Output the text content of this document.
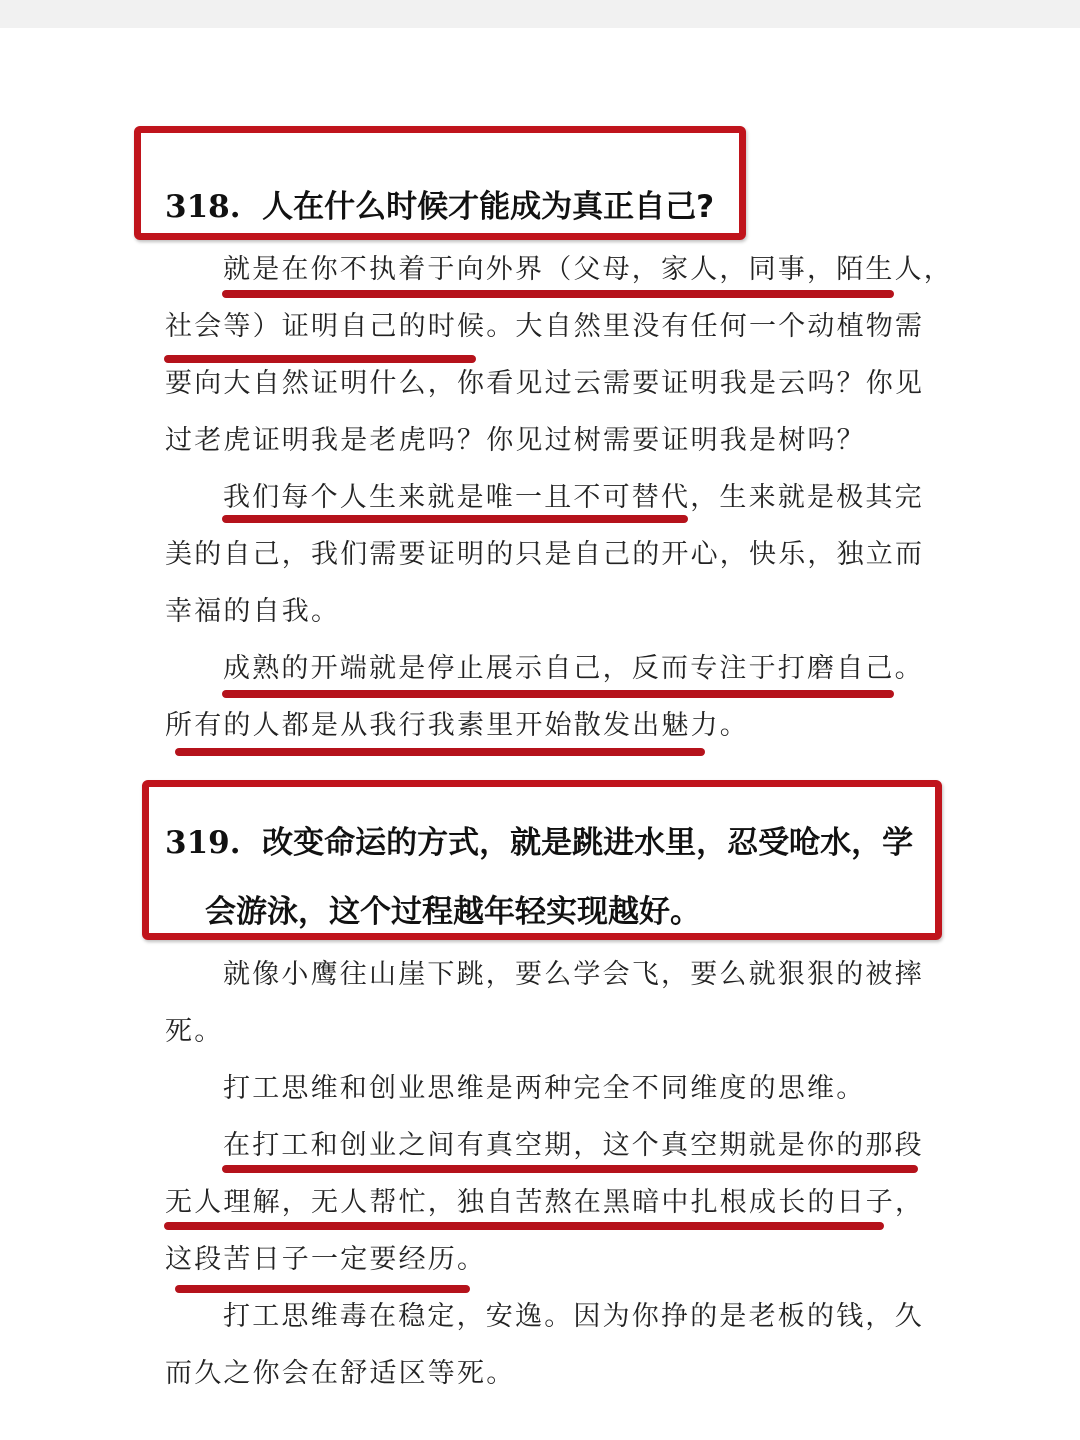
318. 人在什么时候才能成为真正自己?
就是在你不执着于向外界（父母，家人，同事，陌生人，
社会等）证明自己的时候。大自然里没有任何一个动植物需
要向大自然证明什么，你看见过云需要证明我是云吗？你见
过老虎证明我是老虎吗？你见过树需要证明我是树吗？
我们每个人生来就是唯一且不可替代，生来就是极其完
美的自己，我们需要证明的只是自己的开心，快乐，独立而
幸福的自我。
成熟的开端就是停止展示自己，反而专注于打磨自己。
所有的人都是从我行我素里开始散发出魅力。
319. 改变命运的方式，就是跳进水里，忍受呛水，学
会游泳，这个过程越年轻实现越好。
就像小鹰往山崖下跳，要么学会飞，要么就狠狠的被摔
死。
打工思维和创业思维是两种完全不同维度的思维。
在打工和创业之间有真空期，这个真空期就是你的那段
无人理解，无人帮忙，独自苦熬在黑暗中扎根成长的日子，
这段苦日子一定要经历。
打工思维毒在稳定，安逸。因为你挣的是老板的钱，久
而久之你会在舒适区等死。
